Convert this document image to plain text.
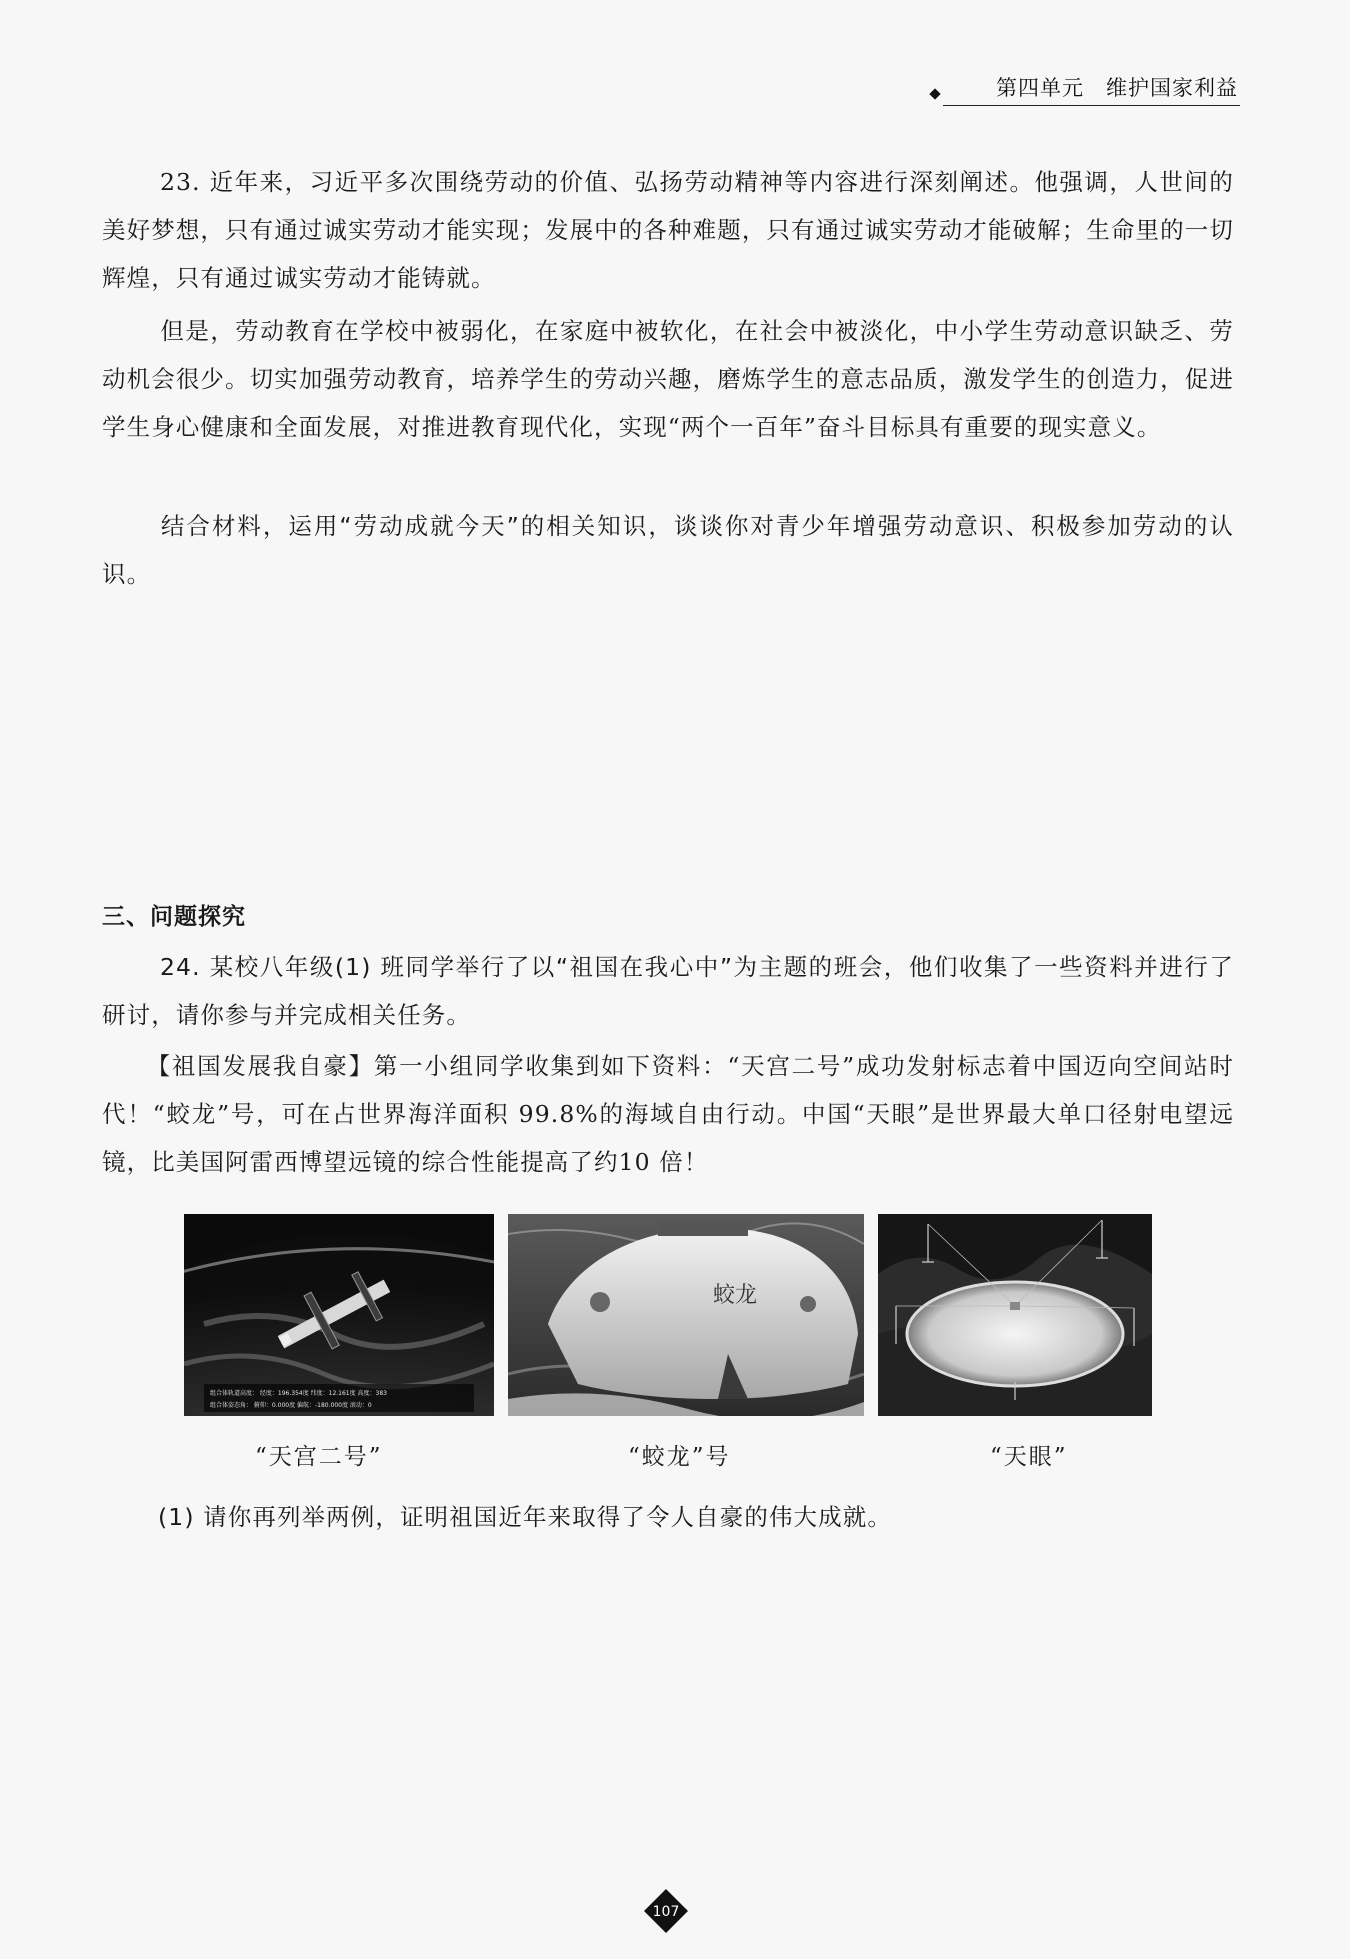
第四单元　维护国家利益

23. 近年来，习近平多次围绕劳动的价值、弘扬劳动精神等内容进行深刻阐述。他强调，人世间的美好梦想，只有通过诚实劳动才能实现；发展中的各种难题，只有通过诚实劳动才能破解；生命里的一切辉煌，只有通过诚实劳动才能铸就。

但是，劳动教育在学校中被弱化，在家庭中被软化，在社会中被淡化，中小学生劳动意识缺乏、劳动机会很少。切实加强劳动教育，培养学生的劳动兴趣，磨炼学生的意志品质，激发学生的创造力，促进学生身心健康和全面发展，对推进教育现代化，实现“两个一百年”奋斗目标具有重要的现实意义。

结合材料，运用“劳动成就今天”的相关知识，谈谈你对青少年增强劳动意识、积极参加劳动的认识。

三、问题探究

24. 某校八年级(1) 班同学举行了以“祖国在我心中”为主题的班会，他们收集了一些资料并进行了研讨，请你参与并完成相关任务。

【祖国发展我自豪】第一小组同学收集到如下资料：“天宫二号”成功发射标志着中国迈向空间站时代！“蛟龙”号，可在占世界海洋面积 99.8%的海域自由行动。中国“天眼”是世界最大单口径射电望远镜，比美国阿雷西博望远镜的综合性能提高了约10 倍！

组合体轨道高度： 经度：196.354度 纬度：12.161度 高度：383
组合体姿态角： 俯仰：0.000度 偏航：-180.000度 滚动：0
蛟龙
“天宫二号”	“蛟龙”号	“天眼”

(1) 请你再列举两例，证明祖国近年来取得了令人自豪的伟大成就。

107
